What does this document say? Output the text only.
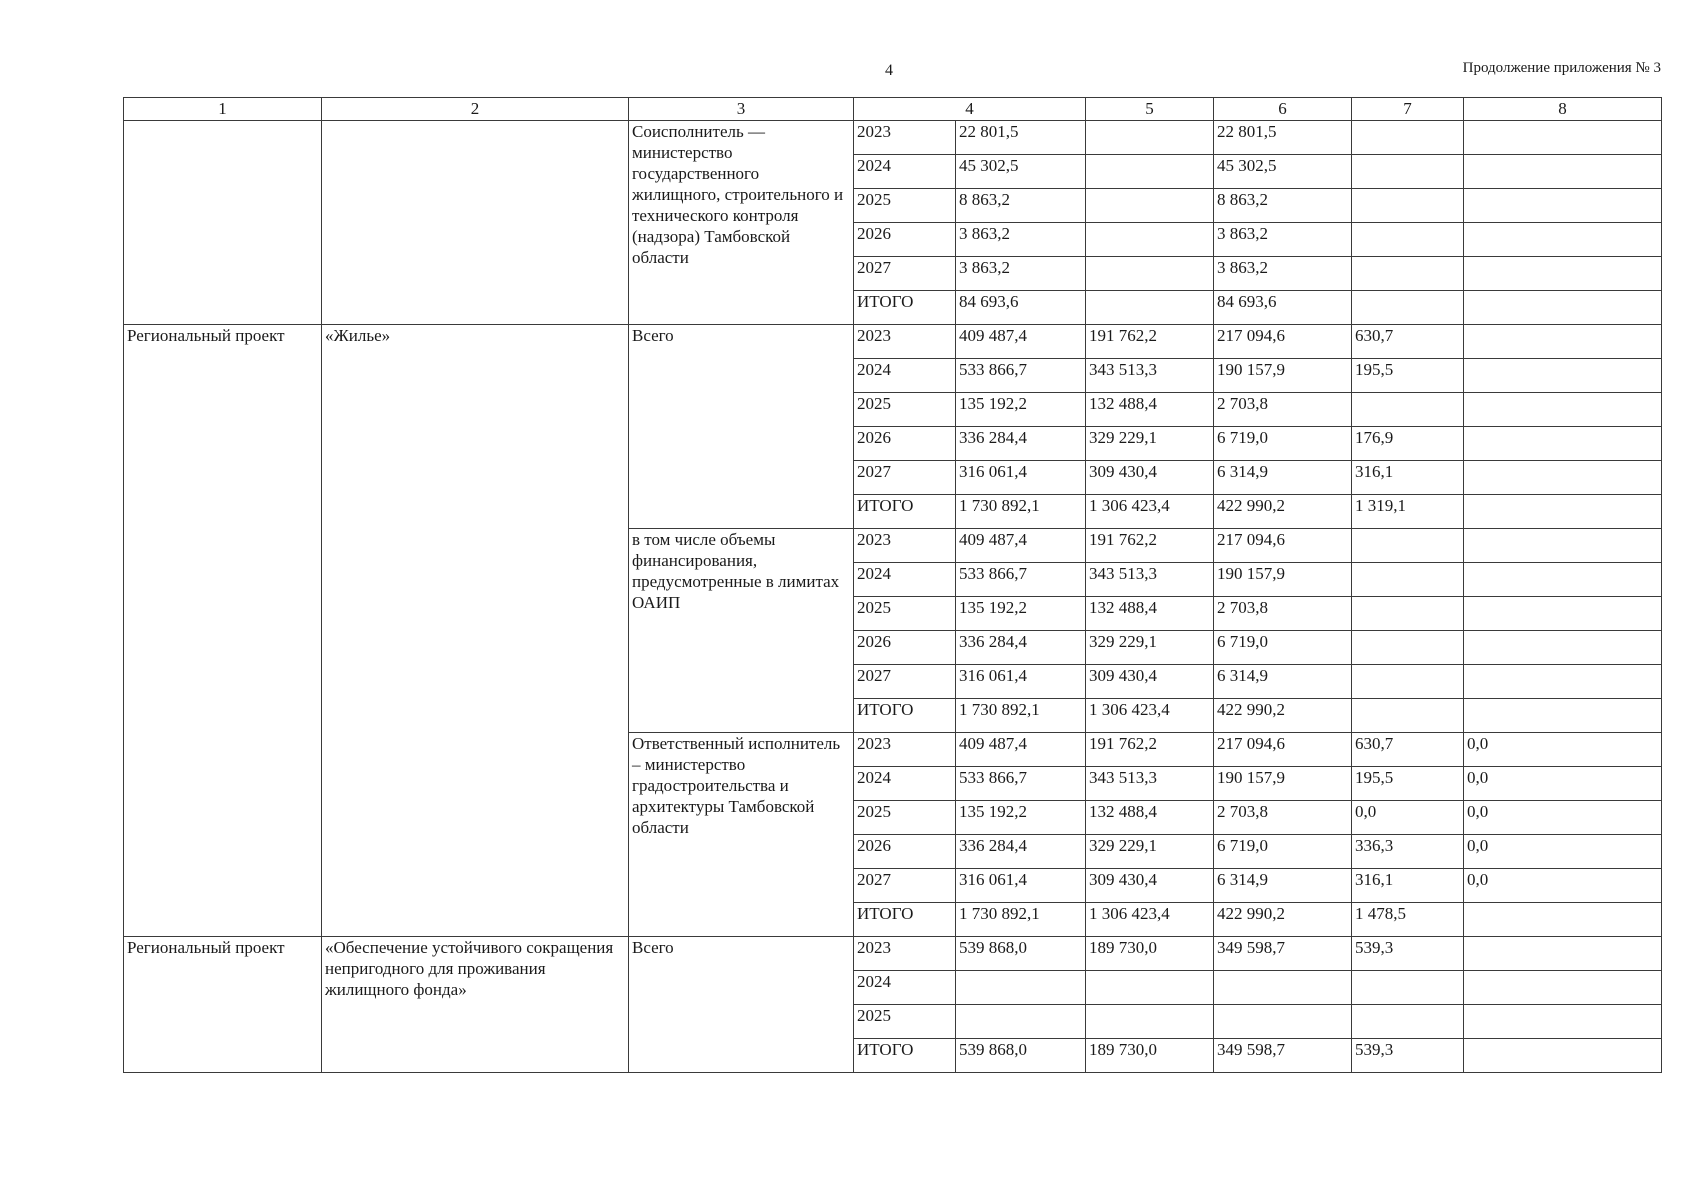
4	Продолжение приложения № 3
1	2	3	4		5	6	7	8
		Соисполнитель — министерство государственного жилищного, строительного и технического контроля (надзора) Тамбовской области	2023	22 801,5		22 801,5		
			2024	45 302,5		45 302,5		
			2025	8 863,2		8 863,2		
			2026	3 863,2		3 863,2		
			2027	3 863,2		3 863,2		
			ИТОГО	84 693,6		84 693,6		
Региональный проект	«Жилье»	Всего	2023	409 487,4	191 762,2	217 094,6	630,7	
			2024	533 866,7	343 513,3	190 157,9	195,5	
			2025	135 192,2	132 488,4	2 703,8		
			2026	336 284,4	329 229,1	6 719,0	176,9	
			2027	316 061,4	309 430,4	6 314,9	316,1	
			ИТОГО	1 730 892,1	1 306 423,4	422 990,2	1 319,1	
		в том числе объемы финансирования, предусмотренные в лимитах ОАИП	2023	409 487,4	191 762,2	217 094,6		
			2024	533 866,7	343 513,3	190 157,9		
			2025	135 192,2	132 488,4	2 703,8		
			2026	336 284,4	329 229,1	6 719,0		
			2027	316 061,4	309 430,4	6 314,9		
			ИТОГО	1 730 892,1	1 306 423,4	422 990,2		
		Ответственный исполнитель – министерство градостроительства и архитектуры Тамбовской области	2023	409 487,4	191 762,2	217 094,6	630,7	0,0
			2024	533 866,7	343 513,3	190 157,9	195,5	0,0
			2025	135 192,2	132 488,4	2 703,8	0,0	0,0
			2026	336 284,4	329 229,1	6 719,0	336,3	0,0
			2027	316 061,4	309 430,4	6 314,9	316,1	0,0
			ИТОГО	1 730 892,1	1 306 423,4	422 990,2	1 478,5	
Региональный проект	«Обеспечение устойчивого сокращения непригодного для проживания жилищного фонда»	Всего	2023	539 868,0	189 730,0	349 598,7	539,3	
			2024					
			2025					
			ИТОГО	539 868,0	189 730,0	349 598,7	539,3	
